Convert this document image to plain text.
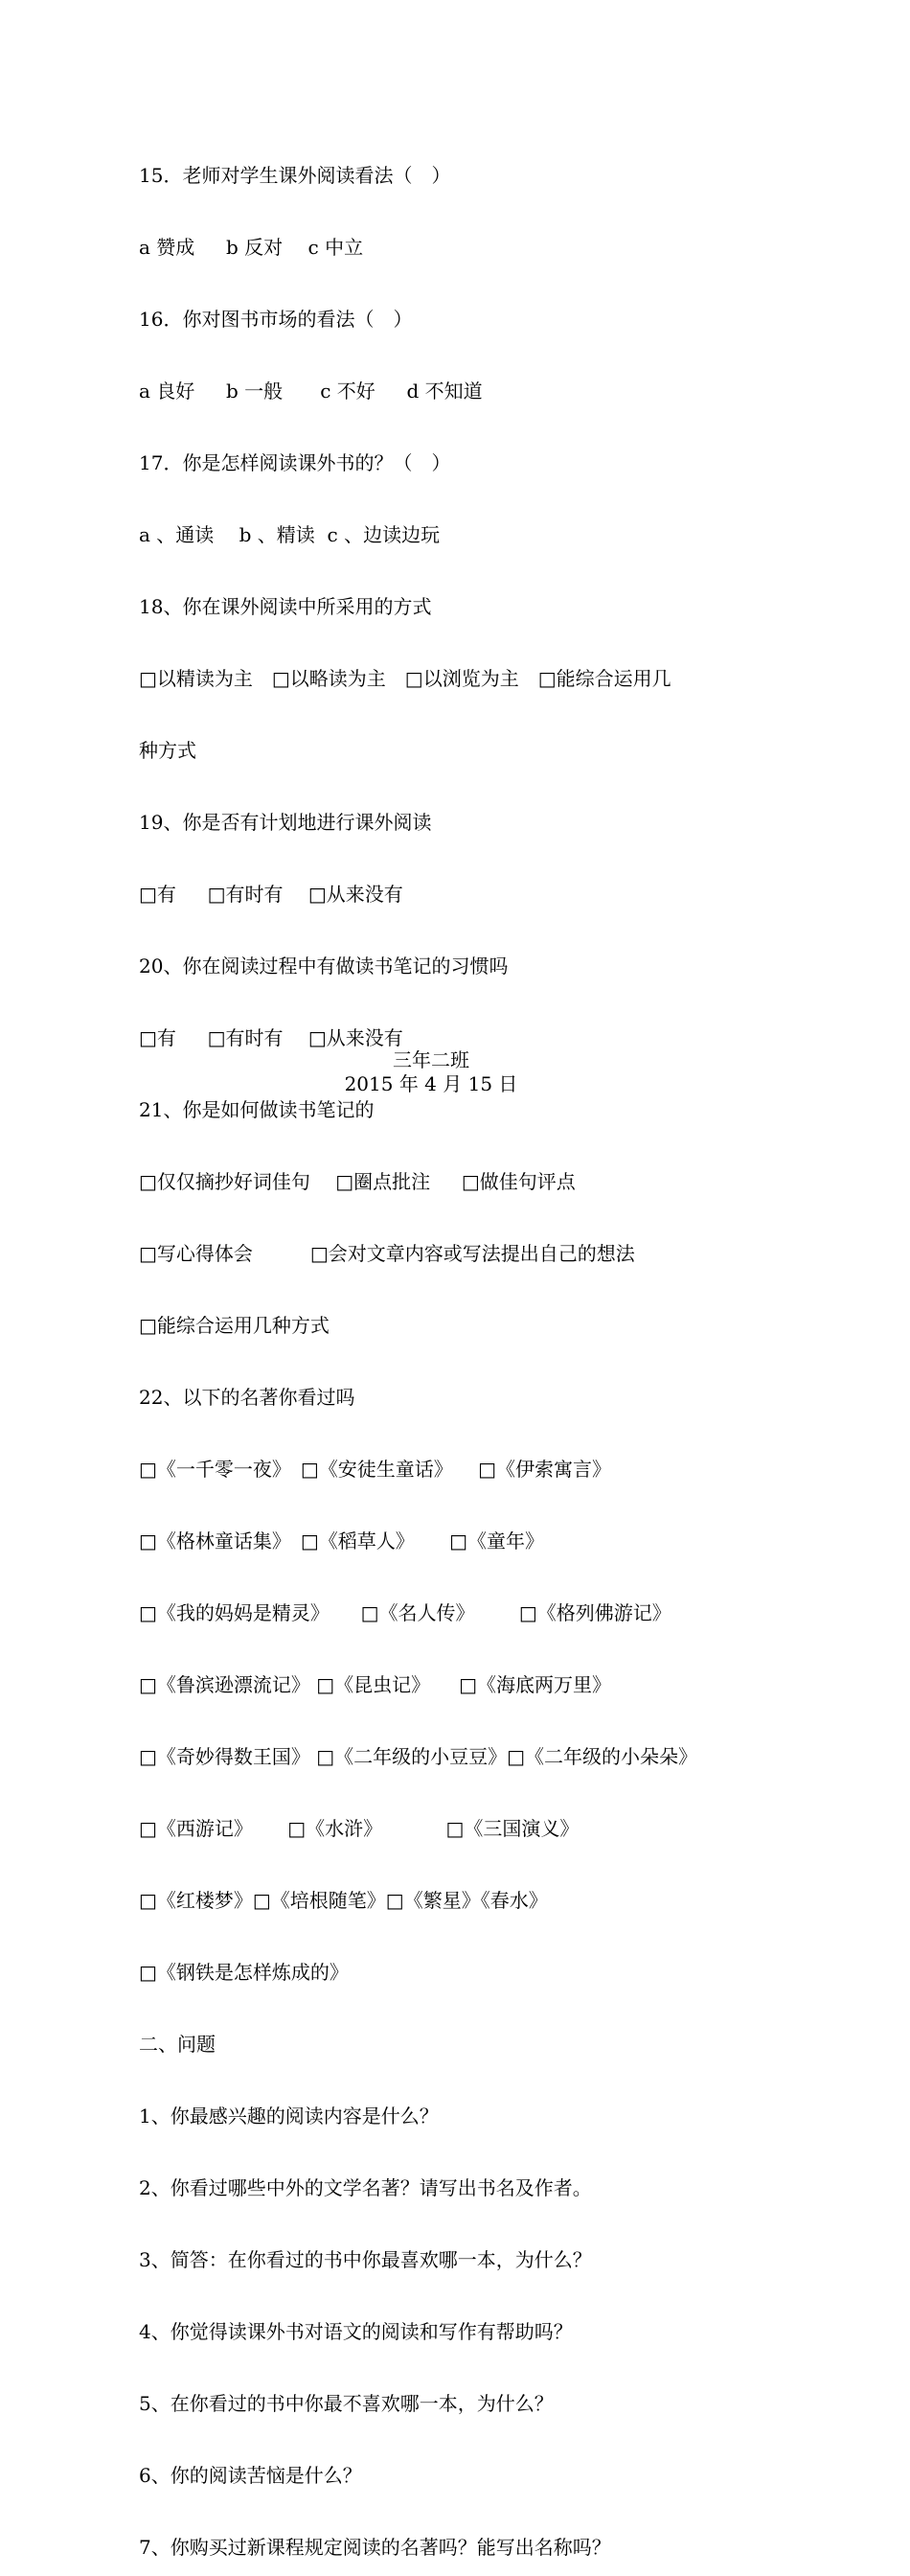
15．老师对学生课外阅读看法（　）

a 赞成　  b 反对 　c 中立

16．你对图书市场的看法（　）

a 良好 　 b 一般  　 c 不好　  d 不知道

17．你是怎样阅读课外书的？（　）

a 、通读　 b 、精读  c 、边读边玩

18、你在课外阅读中所采用的方式

□以精读为主　□以略读为主　□以浏览为主　□能综合运用几

种方式

19、你是否有计划地进行课外阅读

□有　  □有时有 　□从来没有

20、你在阅读过程中有做读书笔记的习惯吗

□有　  □有时有 　□从来没有

21、你是如何做读书笔记的

□仅仅摘抄好词佳句 　□圈点批注 　 □做佳句评点

□写心得体会　　　□会对文章内容或写法提出自己的想法

□能综合运用几种方式

22、以下的名著你看过吗

□《一千零一夜》　□《安徒生童话》 　□《伊索寓言》

□《格林童话集》　□《稻草人》　　 □《童年》

□《我的妈妈是精灵》  　□《名人传》 　　□《格列佛游记》

□《鲁滨逊漂流记》 □《昆虫记》　　□《海底两万里》

□《奇妙得数王国》 □《二年级的小豆豆》□《二年级的小朵朵》

□《西游记》　　 □《水浒》 　　　□《三国演义》

□《红楼梦》□《培根随笔》□《繁星》《春水》

□《钢铁是怎样炼成的》

二、问题

1、你最感兴趣的阅读内容是什么？

2、你看过哪些中外的文学名著？请写出书名及作者。

3、简答：在你看过的书中你最喜欢哪一本，为什么？

4、你觉得读课外书对语文的阅读和写作有帮助吗？

5、在你看过的书中你最不喜欢哪一本，为什么？

6、你的阅读苦恼是什么？

7、你购买过新课程规定阅读的名著吗？能写出名称吗？

三年二班
2015 年 4 月 15 日
